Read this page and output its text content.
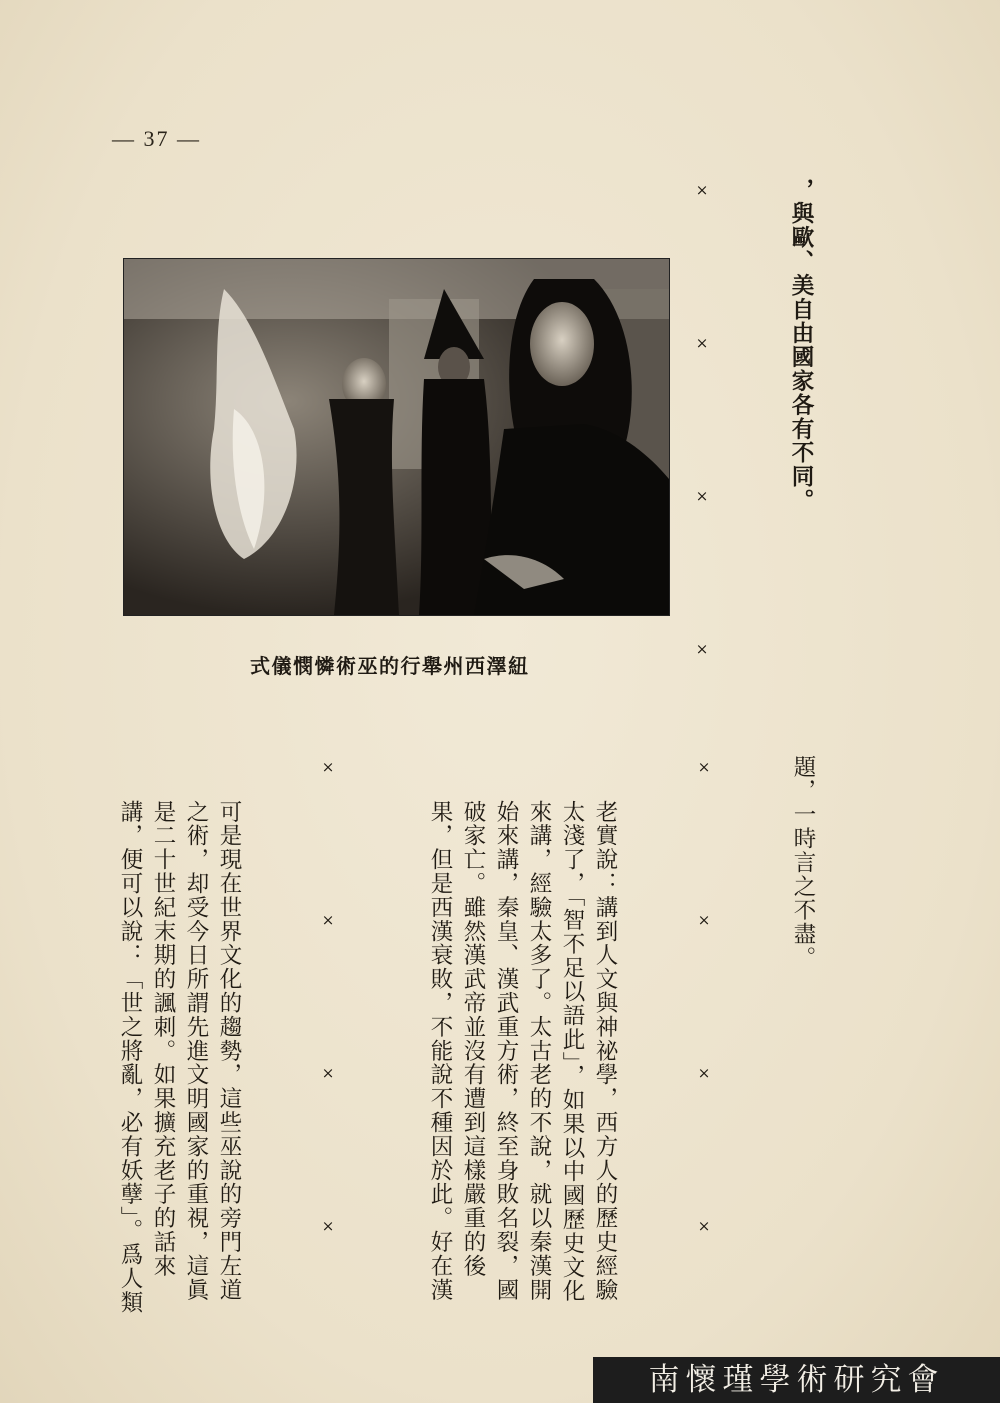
— 37 —

，與歐、美自由國家各有不同。

×　×　×　×

式儀憫憐術巫的行舉州西澤紐

題，一時言之不盡。

×　×　×　×

老實說：講到人文與神祕學，西方人的歷史經驗太淺了，「智不足以語此」，如果以中國歷史文化來講，經驗太多了。太古老的不說，就以秦漢開始來講，秦皇、漢武重方術，終至身敗名裂，國破家亡。雖然漢武帝並沒有遭到這樣嚴重的後果，但是西漢衰敗，不能說不種因於此。好在漢

×　×　×　×

可是現在世界文化的趨勢，這些巫說的旁門左道之術，却受今日所謂先進文明國家的重視，這眞是二十世紀末期的諷刺。如果擴充老子的話來講，便可以說：「世之將亂，必有妖孽」。爲人類

南懷瑾學術研究會
